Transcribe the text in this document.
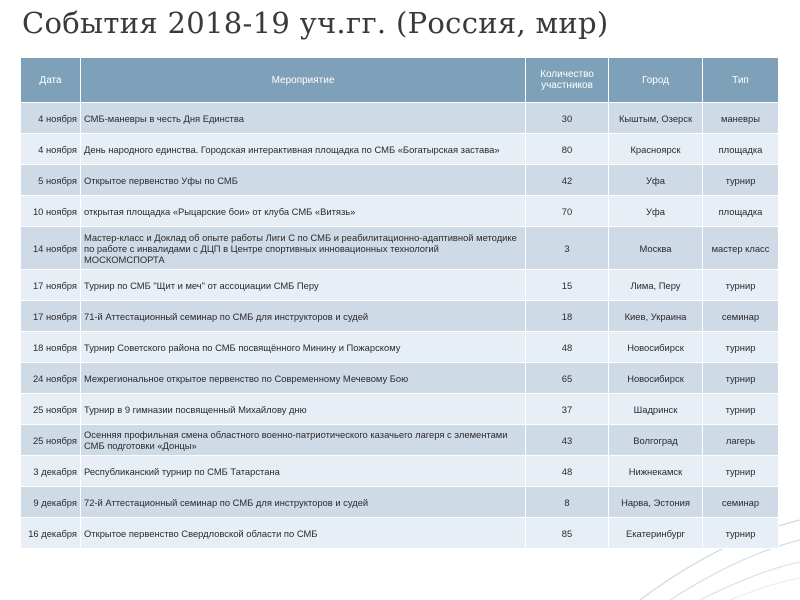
События 2018-19 уч.гг. (Россия, мир)
Дата	Мероприятие	Количество участников	Город	Тип
4 ноября	СМБ-маневры в честь Дня Единства	30	Кыштым, Озерск	маневры
4 ноября	День народного единства. Городская интерактивная площадка по СМБ «Богатырская застава»	80	Красноярск	площадка
5 ноября	Открытое первенство Уфы по СМБ	42	Уфа	турнир
10 ноября	открытая площадка «Рыцарские бои» от клуба СМБ «Витязь»	70	Уфа	площадка
14 ноября	Мастер-класс и Доклад об опыте работы Лиги С по СМБ и реабилитационно-адаптивной методике по работе с инвалидами с ДЦП в Центре спортивных инновационных технологий МОСКОМСПОРТА	3	Москва	мастер класс
17 ноября	Турнир по СМБ "Щит и меч" от ассоциации СМБ Перу	15	Лима, Перу	турнир
17 ноября	71-й Аттестационный семинар по СМБ для инструкторов и судей	18	Киев, Украина	семинар
18 ноября	Турнир Советского района по СМБ посвящённого Минину и Пожарскому	48	Новосибирск	турнир
24 ноября	Межрегиональное открытое первенство по Современному Мечевому Бою	65	Новосибирск	турнир
25 ноября	Турнир в 9 гимназии посвященный Михайлову дню	37	Шадринск	турнир
25 ноября	Осенняя профильная смена областного военно-патриотического казачьего лагеря с элементами СМБ подготовки «Донцы»	43	Волгоград	лагерь
3 декабря	Республиканский турнир по СМБ Татарстана	48	Нижнекамск	турнир
9 декабря	72-й Аттестационный семинар по СМБ для инструкторов и судей	8	Нарва, Эстония	семинар
16 декабря	Открытое первенство Свердловской области по СМБ	85	Екатеринбург	турнир
